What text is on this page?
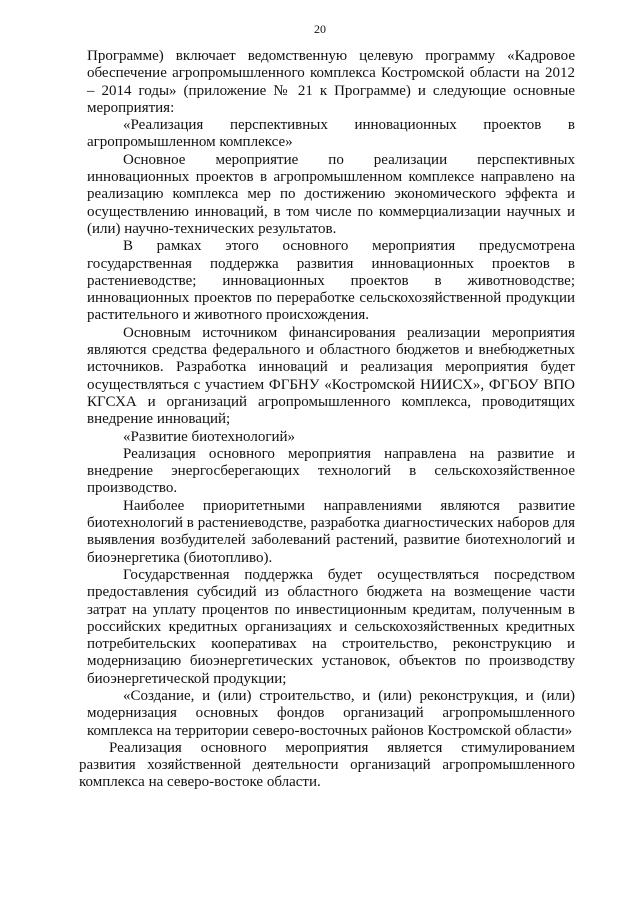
20

Программе) включает ведомственную целевую программу «Кадровое обеспечение агропромышленного комплекса Костромской области на 2012 – 2014 годы» (приложение № 21 к Программе) и следующие основные мероприятия:

«Реализация перспективных инновационных проектов в агропромышленном комплексе»

Основное мероприятие по реализации перспективных инновационных проектов в агропромышленном комплексе направлено на реализацию комплекса мер по достижению экономического эффекта и осуществлению инноваций, в том числе по коммерциализации научных и (или) научно-технических результатов.

В рамках этого основного мероприятия предусмотрена государственная поддержка развития инновационных проектов в растениеводстве; инновационных проектов в животноводстве; инновационных проектов по переработке сельскохозяйственной продукции растительного и животного происхождения.

Основным источником финансирования реализации мероприятия являются средства федерального и областного бюджетов и внебюджетных источников. Разработка инноваций и реализация мероприятия будет осуществляться с участием ФГБНУ «Костромской НИИСХ», ФГБОУ ВПО КГСХА и организаций агропромышленного комплекса, проводитящих внедрение инноваций;

«Развитие биотехнологий»

Реализация основного мероприятия направлена на развитие и внедрение энергосберегающих технологий в сельскохозяйственное производство.

Наиболее приоритетными направлениями являются развитие биотехнологий в растениеводстве, разработка диагностических наборов для выявления возбудителей заболеваний растений, развитие биотехнологий и биоэнергетика (биотопливо).

Государственная поддержка будет осуществляться посредством предоставления субсидий из областного бюджета на возмещение части затрат на уплату процентов по инвестиционным кредитам, полученным в российских кредитных организациях и сельскохозяйственных кредитных потребительских кооперативах на строительство, реконструкцию и модернизацию биоэнергетических установок, объектов по производству биоэнергетической продукции;

«Создание, и (или) строительство, и (или) реконструкция, и (или) модернизация основных фондов организаций агропромышленного комплекса на территории северо-восточных районов Костромской области»

Реализация основного мероприятия является стимулированием развития хозяйственной деятельности организаций агропромышленного комплекса на северо-востоке области.
